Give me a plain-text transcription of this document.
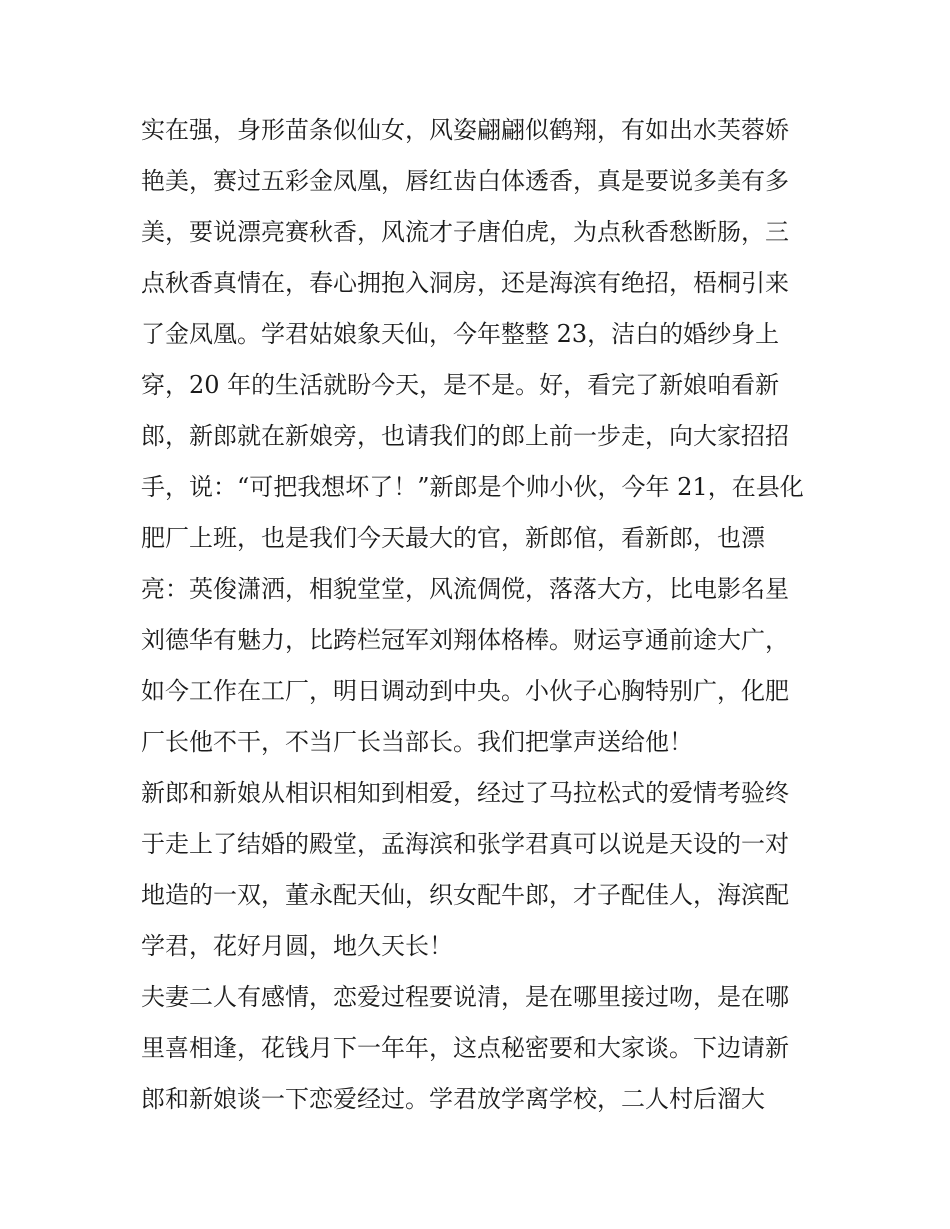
实在强，身形苗条似仙女，风姿翩翩似鹤翔，有如出水芙蓉娇
艳美，赛过五彩金凤凰，唇红齿白体透香，真是要说多美有多
美，要说漂亮赛秋香，风流才子唐伯虎，为点秋香愁断肠，三
点秋香真情在，春心拥抱入洞房，还是海滨有绝招，梧桐引来
了金凤凰。学君姑娘象天仙，今年整整 23，洁白的婚纱身上
穿，20 年的生活就盼今天，是不是。好，看完了新娘咱看新
郎，新郎就在新娘旁，也请我们的郎上前一步走，向大家招招
手，说：“可把我想坏了！”新郎是个帅小伙，今年 21，在县化
肥厂上班，也是我们今天最大的官，新郎倌，看新郎，也漂
亮：英俊潇洒，相貌堂堂，风流倜傥，落落大方，比电影名星
刘德华有魅力，比跨栏冠军刘翔体格棒。财运亨通前途大广，
如今工作在工厂，明日调动到中央。小伙子心胸特别广，化肥
厂长他不干，不当厂长当部长。我们把掌声送给他！
新郎和新娘从相识相知到相爱，经过了马拉松式的爱情考验终
于走上了结婚的殿堂，孟海滨和张学君真可以说是天设的一对
地造的一双，董永配天仙，织女配牛郎，才子配佳人，海滨配
学君，花好月圆，地久天长！
夫妻二人有感情，恋爱过程要说清，是在哪里接过吻，是在哪
里喜相逢，花钱月下一年年，这点秘密要和大家谈。下边请新
郎和新娘谈一下恋爱经过。学君放学离学校，二人村后溜大
